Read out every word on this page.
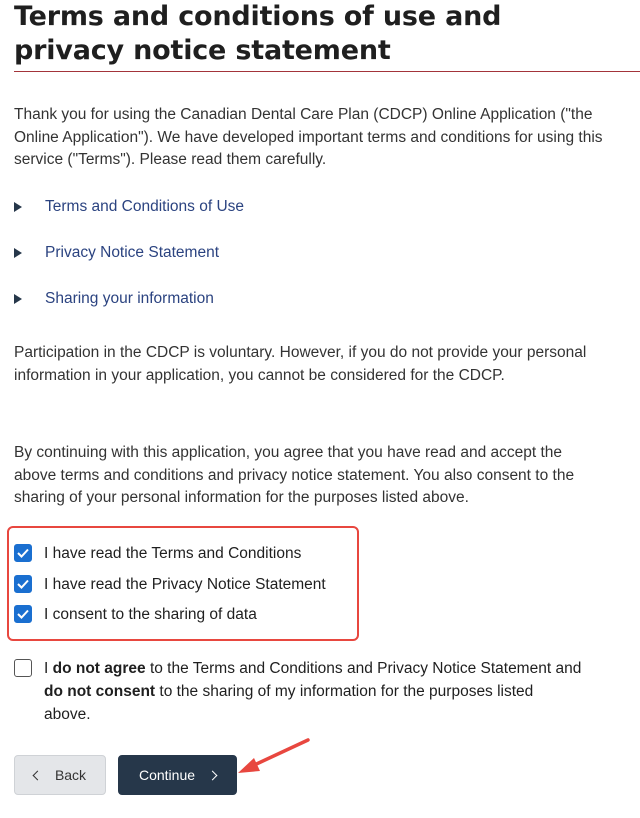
Terms and conditions of use and privacy notice statement

Thank you for using the Canadian Dental Care Plan (CDCP) Online Application ("the Online Application"). We have developed important terms and conditions for using this service ("Terms"). Please read them carefully.

Terms and Conditions of Use
Privacy Notice Statement
Sharing your information

Participation in the CDCP is voluntary. However, if you do not provide your personal information in your application, you cannot be considered for the CDCP.

By continuing with this application, you agree that you have read and accept the above terms and conditions and privacy notice statement. You also consent to the sharing of your personal information for the purposes listed above.

I have read the Terms and Conditions
I have read the Privacy Notice Statement
I consent to the sharing of data
I do not agree to the Terms and Conditions and Privacy Notice Statement and do not consent to the sharing of my information for the purposes listed above.
Back	Continue
